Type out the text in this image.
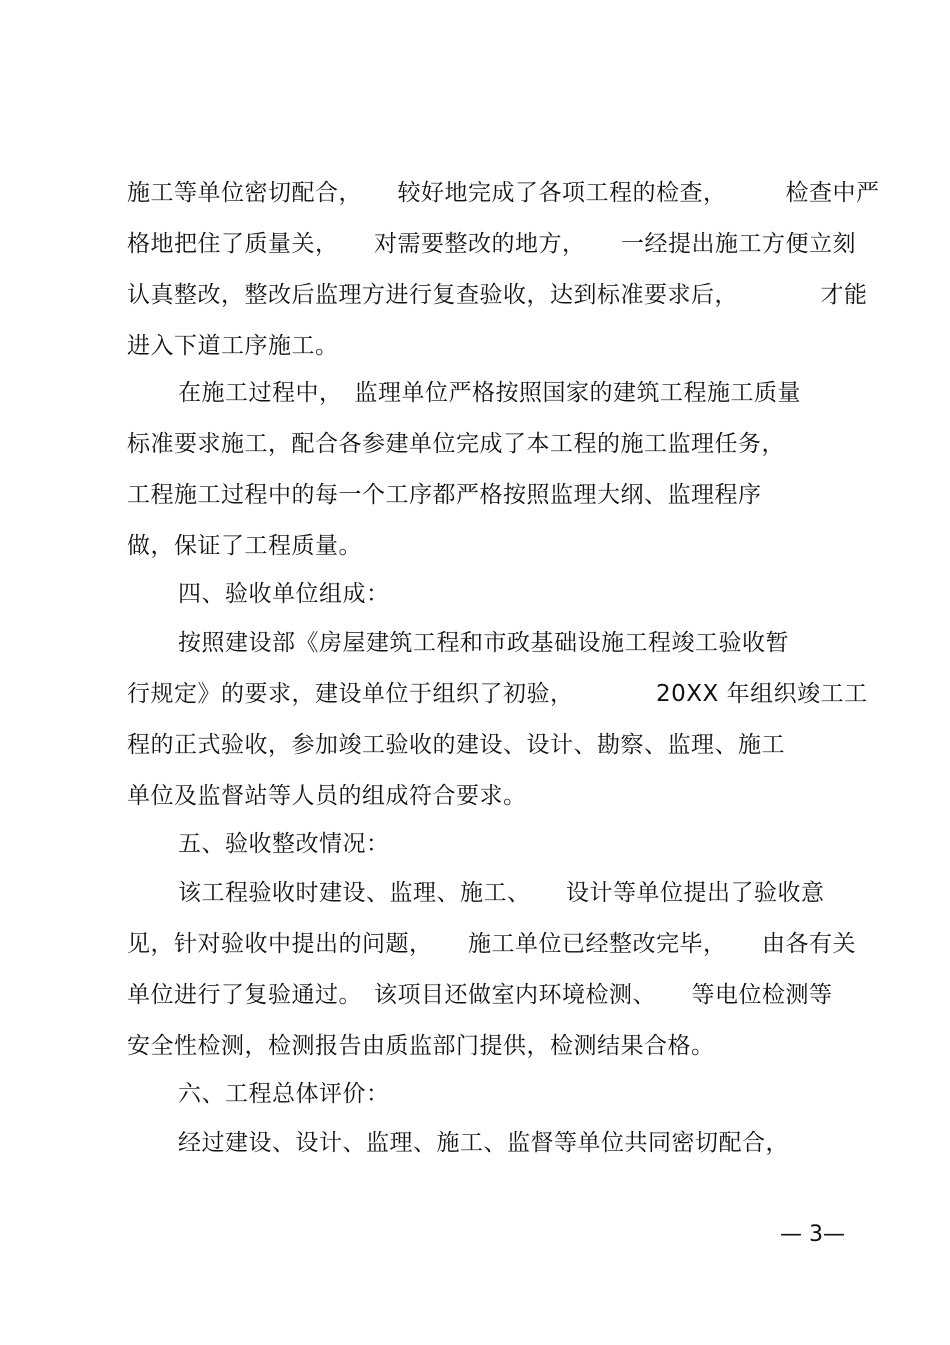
施工等单位密切配合，　　较好地完成了各项工程的检查，　　　检查中严
格地把住了质量关，　　对需要整改的地方，　　一经提出施工方便立刻
认真整改，整改后监理方进行复查验收，达到标准要求后，　　　　才能
进入下道工序施工。
在施工过程中，　监理单位严格按照国家的建筑工程施工质量
标准要求施工，配合各参建单位完成了本工程的施工监理任务，
工程施工过程中的每一个工序都严格按照监理大纲、监理程序
做，保证了工程质量。
四、验收单位组成：
按照建设部《房屋建筑工程和市政基础设施工程竣工验收暂
行规定》的要求，建设单位于组织了初验，　　　　20XX 年组织竣工工
程的正式验收，参加竣工验收的建设、设计、勘察、监理、施工
单位及监督站等人员的组成符合要求。
五、验收整改情况：
该工程验收时建设、监理、施工、　　设计等单位提出了验收意
见，针对验收中提出的问题，　　施工单位已经整改完毕，　　由各有关
单位进行了复验通过。　该项目还做室内环境检测、　　等电位检测等
安全性检测，检测报告由质监部门提供，检测结果合格。
六、工程总体评价：
经过建设、设计、监理、施工、监督等单位共同密切配合，
— 3—
